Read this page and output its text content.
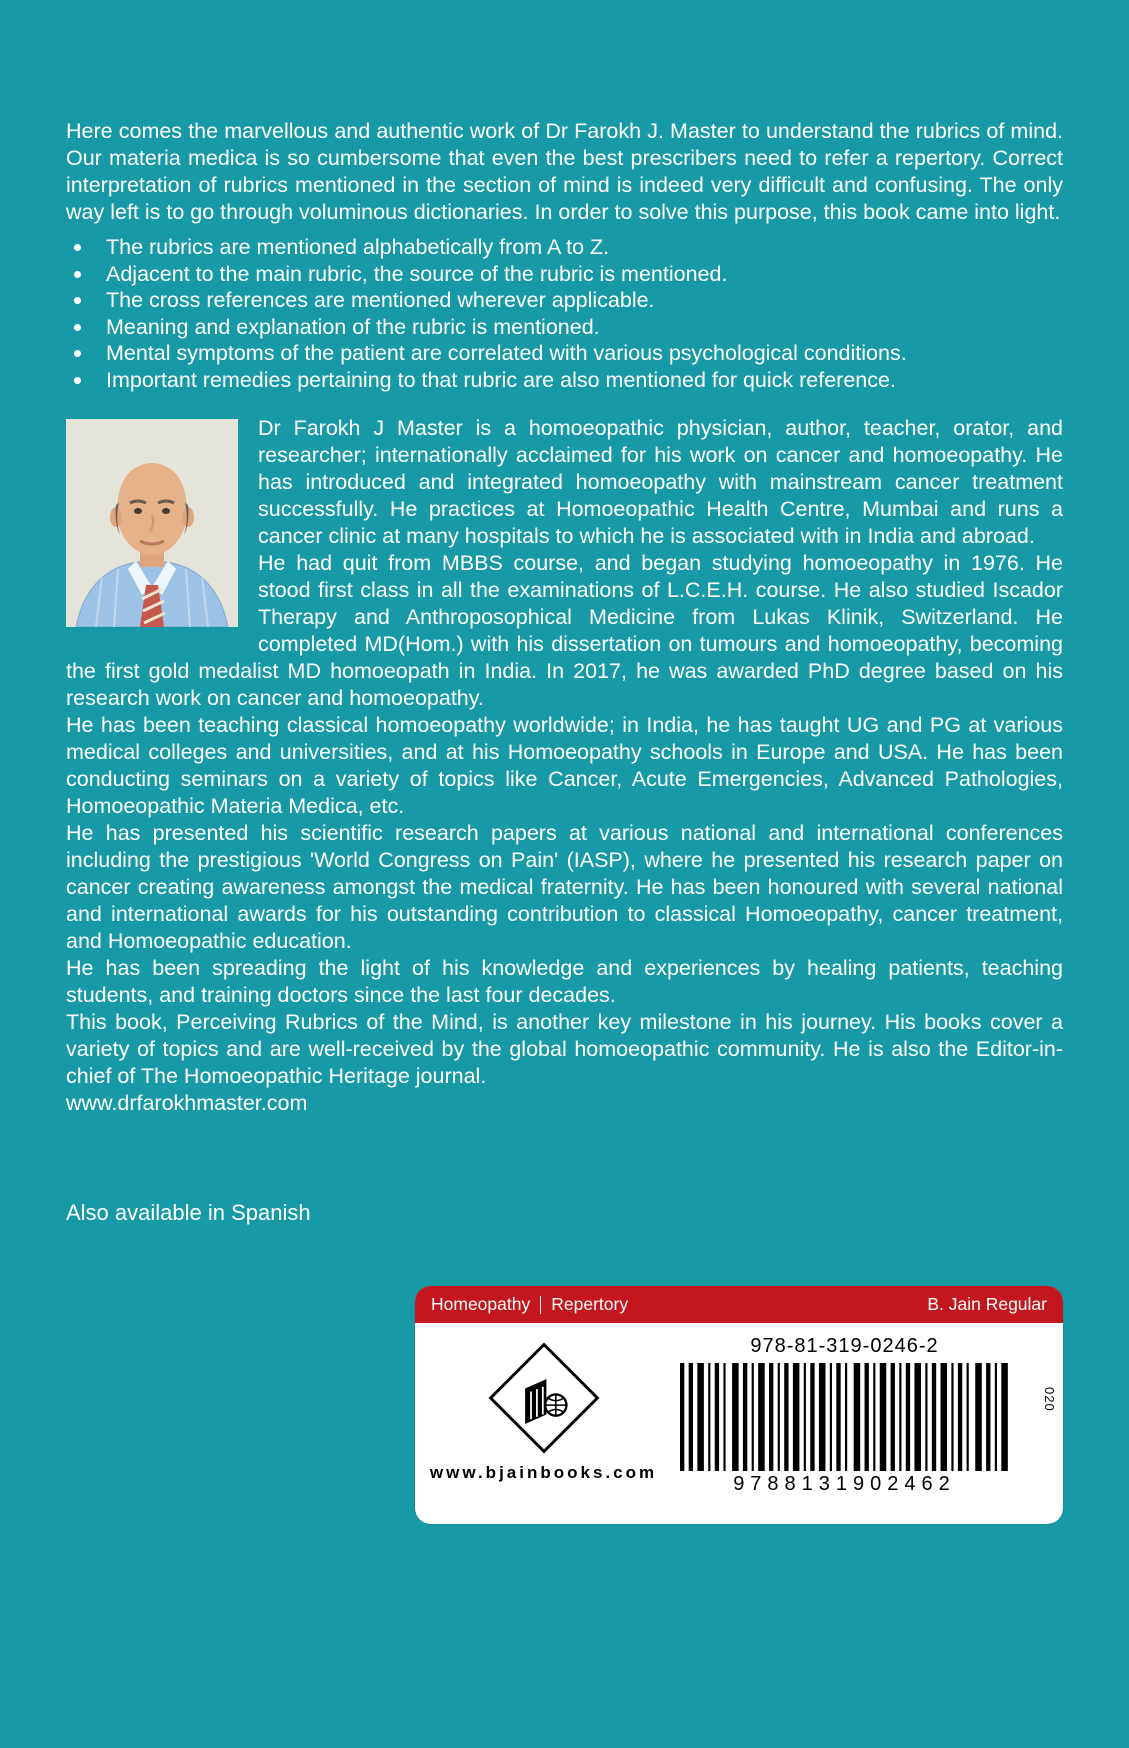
Here comes the marvellous and authentic work of Dr Farokh J. Master to understand the rubrics of mind. Our materia medica is so cumbersome that even the best prescribers need to refer a repertory. Correct interpretation of rubrics mentioned in the section of mind is indeed very difficult and confusing. The only way left is to go through voluminous dictionaries. In order to solve this purpose, this book came into light.

The rubrics are mentioned alphabetically from A to Z.
Adjacent to the main rubric, the source of the rubric is mentioned.
The cross references are mentioned wherever applicable.
Meaning and explanation of the rubric is mentioned.
Mental symptoms of the patient are correlated with various psychological conditions.
Important remedies pertaining to that rubric are also mentioned for quick reference.

Dr Farokh J Master is a homoeopathic physician, author, teacher, orator, and researcher; internationally acclaimed for his work on cancer and homoeopathy. He has introduced and integrated homoeopathy with mainstream cancer treatment successfully. He practices at Homoeopathic Health Centre, Mumbai and runs a cancer clinic at many hospitals to which he is associated with in India and abroad.

He had quit from MBBS course, and began studying homoeopathy in 1976. He stood first class in all the examinations of L.C.E.H. course. He also studied Iscador Therapy and Anthroposophical Medicine from Lukas Klinik, Switzerland. He completed MD(Hom.) with his dissertation on tumours and homoeopathy, becoming the first gold medalist MD homoeopath in India. In 2017, he was awarded PhD degree based on his research work on cancer and homoeopathy.

He has been teaching classical homoeopathy worldwide; in India, he has taught UG and PG at various medical colleges and universities, and at his Homoeopathy schools in Europe and USA. He has been conducting seminars on a variety of topics like Cancer, Acute Emergencies, Advanced Pathologies, Homoeopathic Materia Medica, etc.

He has presented his scientific research papers at various national and international conferences including the prestigious 'World Congress on Pain' (IASP), where he presented his research paper on cancer creating awareness amongst the medical fraternity. He has been honoured with several national and international awards for his outstanding contribution to classical Homoeopathy, cancer treatment, and Homoeopathic education.

He has been spreading the light of his knowledge and experiences by healing patients, teaching students, and training doctors since the last four decades.

This book, Perceiving Rubrics of the Mind, is another key milestone in his journey. His books cover a variety of topics and are well-received by the global homoeopathic community. He is also the Editor-in-chief of The Homoeopathic Heritage journal.

www.drfarokhmaster.com

Also available in Spanish

Homeopathy Repertory	B. Jain Regular
www.bjainbooks.com
978-81-319-0246-2
9788131902462
020
